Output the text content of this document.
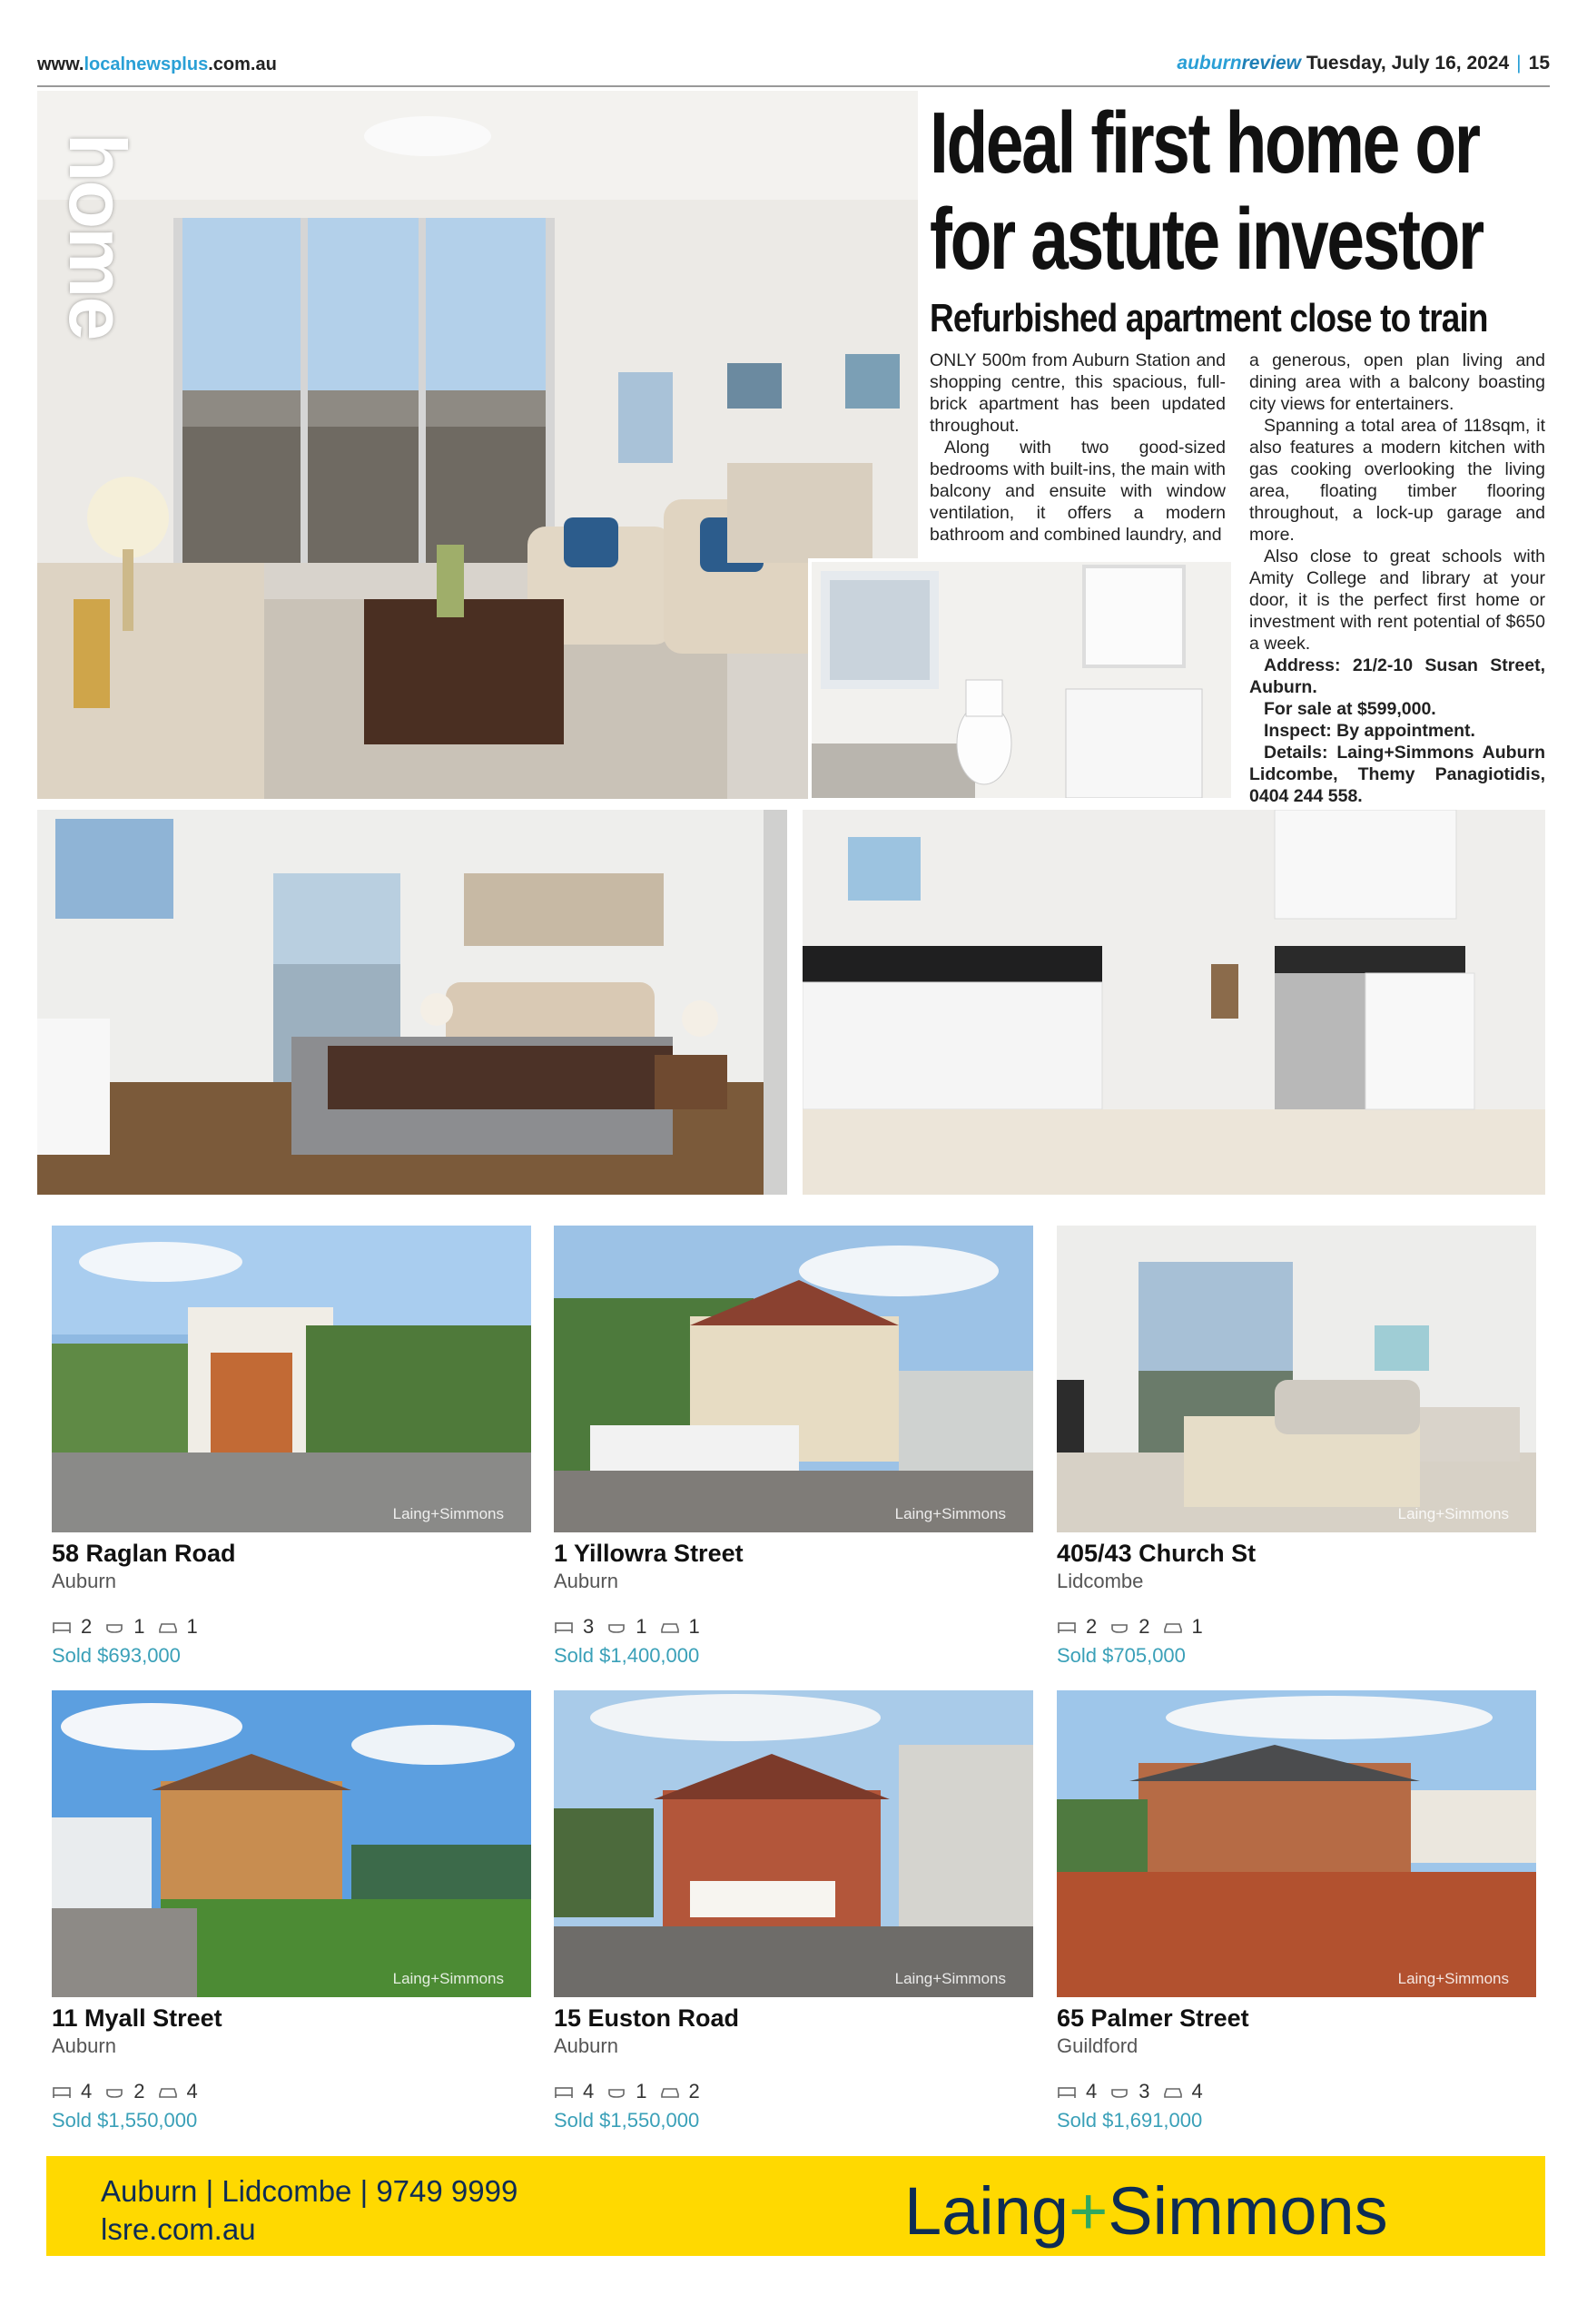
www.localnewsplus.com.au	auburnreview Tuesday, July 16, 2024 | 15
home	Ideal first home or
for astute investor
Refurbished apartment close to train

ONLY 500m from Auburn Station and shopping centre, this spacious, full-brick apartment has been updated throughout.

Along with two good-sized bedrooms with built-ins, the main with balcony and ensuite with window ventilation, it offers a modern bathroom and combined laundry, and

a generous, open plan living and dining area with a balcony boasting city views for entertainers.

Spanning a total area of 118sqm, it also features a modern kitchen with gas cooking overlooking the living area, floating timber flooring throughout, a lock-up garage and more.

Also close to great schools with Amity College and library at your door, it is the perfect first home or investment with rent potential of $650 a week.

Address: 21/2-10 Susan Street, Auburn.

For sale at $599,000.

Inspect: By appointment.

Details: Laing+Simmons Auburn Lidcombe, Themy Panagiotidis, 0404 244 558.

Laing+Simmons
58 Raglan Road
Auburn
2 1 1
Sold $693,000
Laing+Simmons
1 Yillowra Street
Auburn
3 1 1
Sold $1,400,000
Laing+Simmons
405/43 Church St
Lidcombe
2 2 1
Sold $705,000
Laing+Simmons
11 Myall Street
Auburn
4 2 4
Sold $1,550,000
Laing+Simmons
15 Euston Road
Auburn
4 1 2
Sold $1,550,000
Laing+Simmons
65 Palmer Street
Guildford
4 3 4
Sold $1,691,000
Auburn | Lidcombe | 9749 9999
lsre.com.au	Laing+Simmons
